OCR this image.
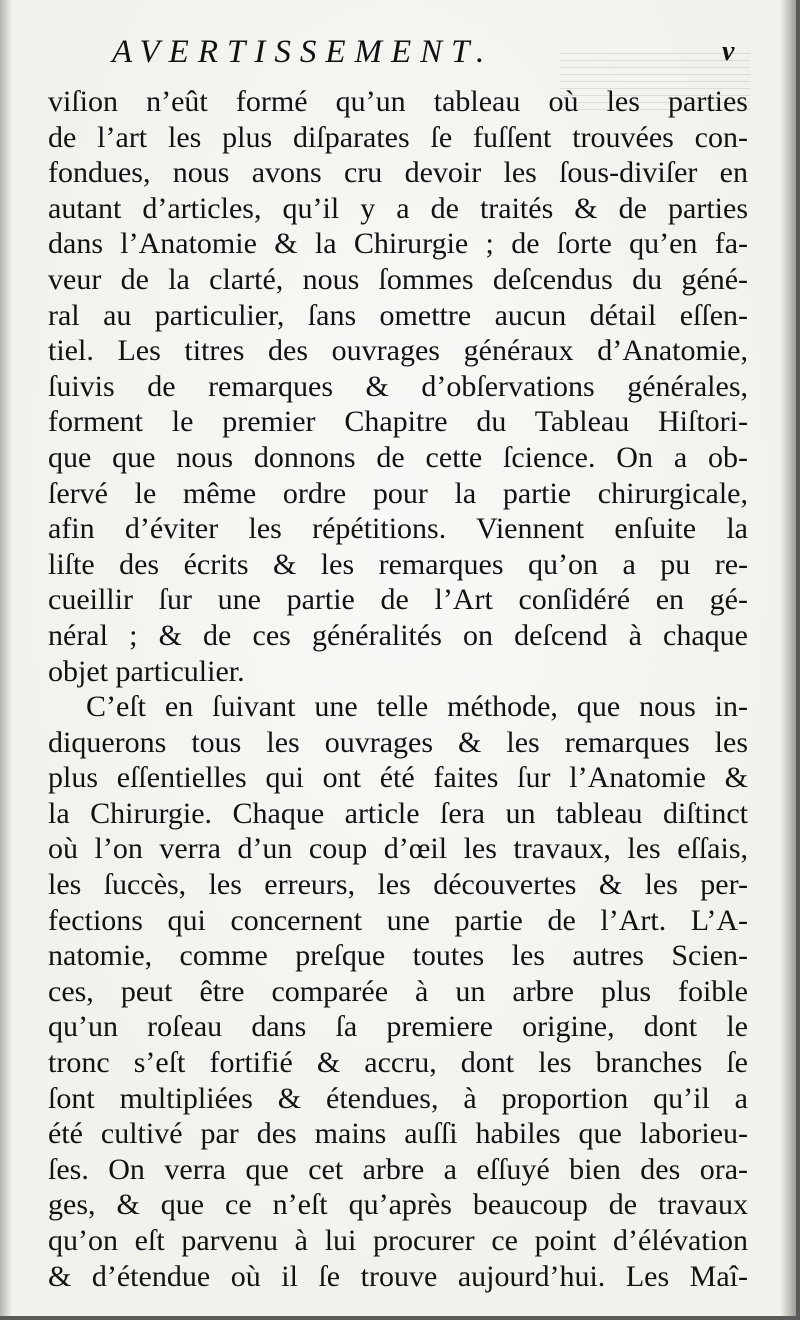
AVERTISSEMENT.	v
viſion n’eût formé qu’un tableau où les parties
de l’art les plus diſparates ſe fuſſent trouvées con-
fondues, nous avons cru devoir les ſous-diviſer en
autant d’articles, qu’il y a de traités & de parties
dans l’Anatomie & la Chirurgie ; de ſorte qu’en fa-
veur de la clarté, nous ſommes deſcendus du géné-
ral au particulier, ſans omettre aucun détail eſſen-
tiel. Les titres des ouvrages généraux d’Anatomie,
ſuivis de remarques & d’obſervations générales,
forment le premier Chapitre du Tableau Hiſtori-
que que nous donnons de cette ſcience. On a ob-
ſervé le même ordre pour la partie chirurgicale,
afin d’éviter les répétitions. Viennent enſuite la
liſte des écrits & les remarques qu’on a pu re-
cueillir ſur une partie de l’Art conſidéré en gé-
néral ; & de ces généralités on deſcend à chaque
objet particulier.
C’eſt en ſuivant une telle méthode, que nous in-
diquerons tous les ouvrages & les remarques les
plus eſſentielles qui ont été faites ſur l’Anatomie &
la Chirurgie. Chaque article ſera un tableau diſtinct
où l’on verra d’un coup d’œil les travaux, les eſſais,
les ſuccès, les erreurs, les découvertes & les per-
fections qui concernent une partie de l’Art. L’A-
natomie, comme preſque toutes les autres Scien-
ces, peut être comparée à un arbre plus foible
qu’un roſeau dans ſa premiere origine, dont le
tronc s’eſt fortifié & accru, dont les branches ſe
ſont multipliées & étendues, à proportion qu’il a
été cultivé par des mains auſſi habiles que laborieu-
ſes. On verra que cet arbre a eſſuyé bien des ora-
ges, & que ce n’eſt qu’après beaucoup de travaux
qu’on eſt parvenu à lui procurer ce point d’élévation
& d’étendue où il ſe trouve aujourd’hui. Les Maî-
